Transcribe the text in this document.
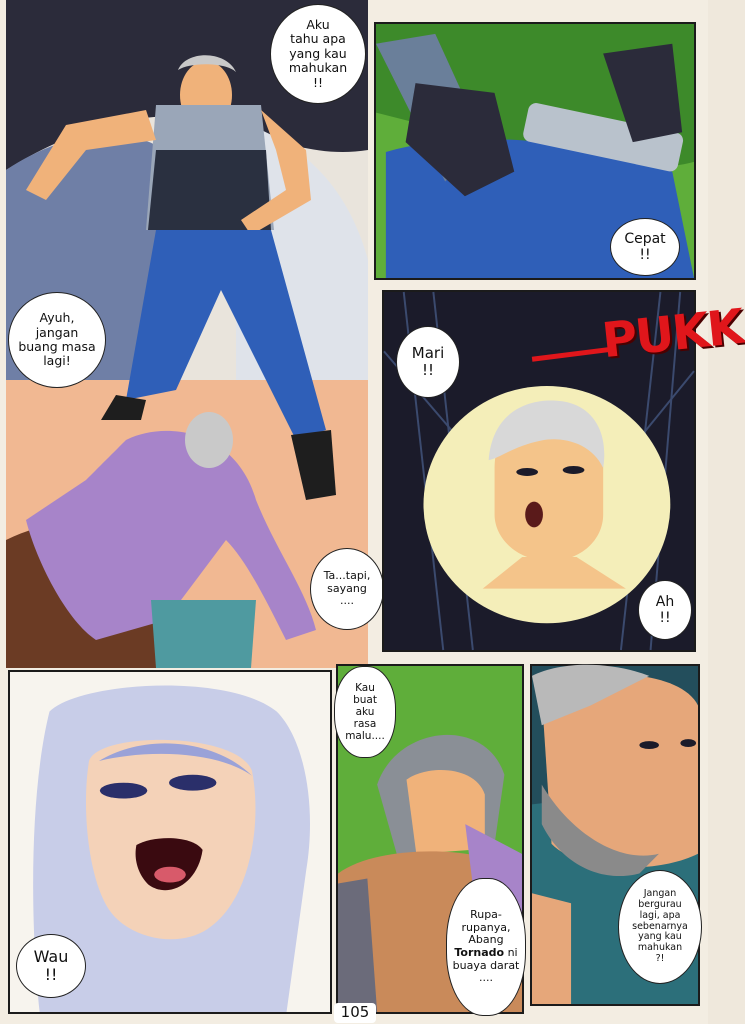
Aku
tahu apa
yang kau
mahukan
!!
Ayuh,
jangan
buang masa
lagi!
Ta...tapi,
sayang
....
Cepat
!!
PUKK
Mari
!!
Ah
!!
Wau
!!
Kau
buat
aku
rasa
malu....
Rupa-
rupanya,
Abang
Tornado ni
buaya darat
....
Jangan
bergurau
lagi, apa
sebenarnya
yang kau
mahukan
?!
105
